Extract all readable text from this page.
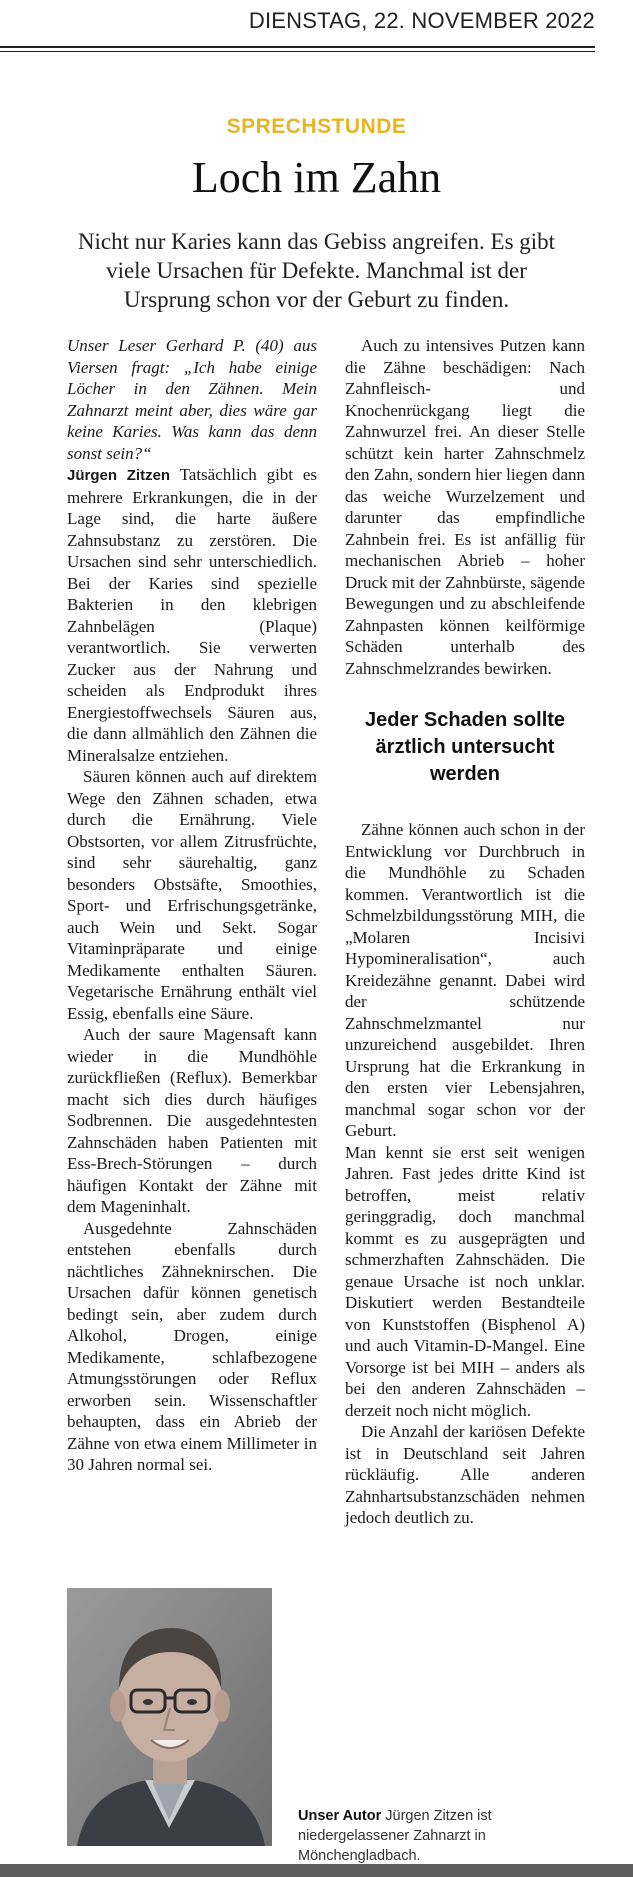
DIENSTAG, 22. NOVEMBER 2022
SPRECHSTUNDE
Loch im Zahn
Nicht nur Karies kann das Gebiss angreifen. Es gibt viele Ursachen für Defekte. Manchmal ist der Ursprung schon vor der Geburt zu finden.

Unser Leser Gerhard P. (40) aus Viersen fragt: „Ich habe einige Löcher in den Zähnen. Mein Zahnarzt meint aber, dies wäre gar keine Karies. Was kann das denn sonst sein?“

Jürgen Zitzen Tatsächlich gibt es mehrere Erkrankungen, die in der Lage sind, die harte äußere Zahnsubstanz zu zerstören. Die Ursachen sind sehr unterschiedlich. Bei der Karies sind spezielle Bakterien in den klebrigen Zahnbelägen (Plaque) verantwortlich. Sie verwerten Zucker aus der Nahrung und scheiden als Endprodukt ihres Energiestoffwechsels Säuren aus, die dann allmählich den Zähnen die Mineralsalze entziehen.

Säuren können auch auf direktem Wege den Zähnen schaden, etwa durch die Ernährung. Viele Obstsorten, vor allem Zitrusfrüchte, sind sehr säurehaltig, ganz besonders Obstsäfte, Smoothies, Sport- und Erfrischungsgetränke, auch Wein und Sekt. Sogar Vitaminpräparate und einige Medikamente enthalten Säuren. Vegetarische Ernährung enthält viel Essig, ebenfalls eine Säure.

Auch der saure Magensaft kann wieder in die Mundhöhle zurückfließen (Reflux). Bemerkbar macht sich dies durch häufiges Sodbrennen. Die ausgedehntesten Zahnschäden haben Patienten mit Ess-Brech-Störungen – durch häufigen Kontakt der Zähne mit dem Mageninhalt.

Ausgedehnte Zahnschäden entstehen ebenfalls durch nächtliches Zähneknirschen. Die Ursachen dafür können genetisch bedingt sein, aber zudem durch Alkohol, Drogen, einige Medikamente, schlafbezogene Atmungsstörungen oder Reflux erworben sein. Wissenschaftler behaupten, dass ein Abrieb der Zähne von etwa einem Millimeter in 30 Jahren normal sei.

Auch zu intensives Putzen kann die Zähne beschädigen: Nach Zahnfleisch- und Knochenrückgang liegt die Zahnwurzel frei. An dieser Stelle schützt kein harter Zahnschmelz den Zahn, sondern hier liegen dann das weiche Wurzelzement und darunter das empfindliche Zahnbein frei. Es ist anfällig für mechanischen Abrieb – hoher Druck mit der Zahnbürste, sägende Bewegungen und zu abschleifende Zahnpasten können keilförmige Schäden unterhalb des Zahnschmelzrandes bewirken.

Jeder Schaden sollte ärztlich untersucht werden

Zähne können auch schon in der Entwicklung vor Durchbruch in die Mundhöhle zu Schaden kommen. Verantwortlich ist die Schmelzbildungsstörung MIH, die „Molaren Incisivi Hypomineralisation“, auch Kreidezähne genannt. Dabei wird der schützende Zahnschmelzmantel nur unzureichend ausgebildet. Ihren Ursprung hat die Erkrankung in den ersten vier Lebensjahren, manchmal sogar schon vor der Geburt.

Man kennt sie erst seit wenigen Jahren. Fast jedes dritte Kind ist betroffen, meist relativ geringgradig, doch manchmal kommt es zu ausgeprägten und schmerzhaften Zahnschäden. Die genaue Ursache ist noch unklar. Diskutiert werden Bestandteile von Kunststoffen (Bisphenol A) und auch Vitamin-D-Mangel. Eine Vorsorge ist bei MIH – anders als bei den anderen Zahnschäden – derzeit noch nicht möglich.

Die Anzahl der kariösen Defekte ist in Deutschland seit Jahren rückläufig. Alle anderen Zahnhartsubstanzschäden nehmen jedoch deutlich zu.

Unser Autor Jürgen Zitzen ist niedergelassener Zahnarzt in Mönchengladbach.
